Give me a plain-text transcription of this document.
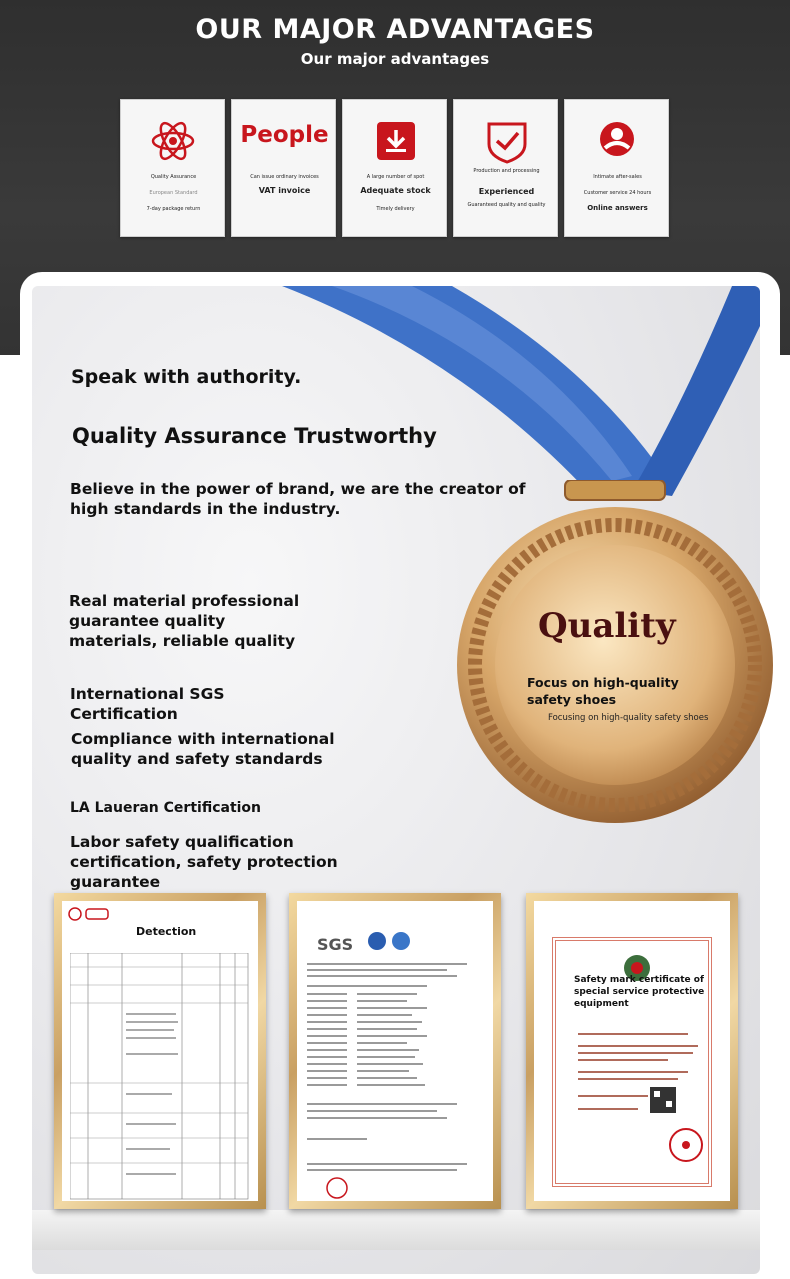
OUR MAJOR ADVANTAGES
Our major advantages
Quality Assurance
European Standard
7-day package return
People
Can issue ordinary invoices
VAT invoice
A large number of spot
Adequate stock
Timely delivery
Production and processing
Experienced
Guaranteed quality and quality
Intimate after-sales
Customer service 24 hours
Online answers
Speak with authority.
Quality Assurance Trustworthy
Believe in the power of brand, we are the creator of high standards in the industry.
Real material professional guarantee quality materials, reliable quality
International SGS Certification
Compliance with international quality and safety standards
LA Laueran Certification
Labor safety qualification certification, safety protection guarantee
Quality
Focus on high-quality safety shoes
Focusing on high-quality safety shoes
Detection
SGS
Safety mark certificate of special service protective equipment
